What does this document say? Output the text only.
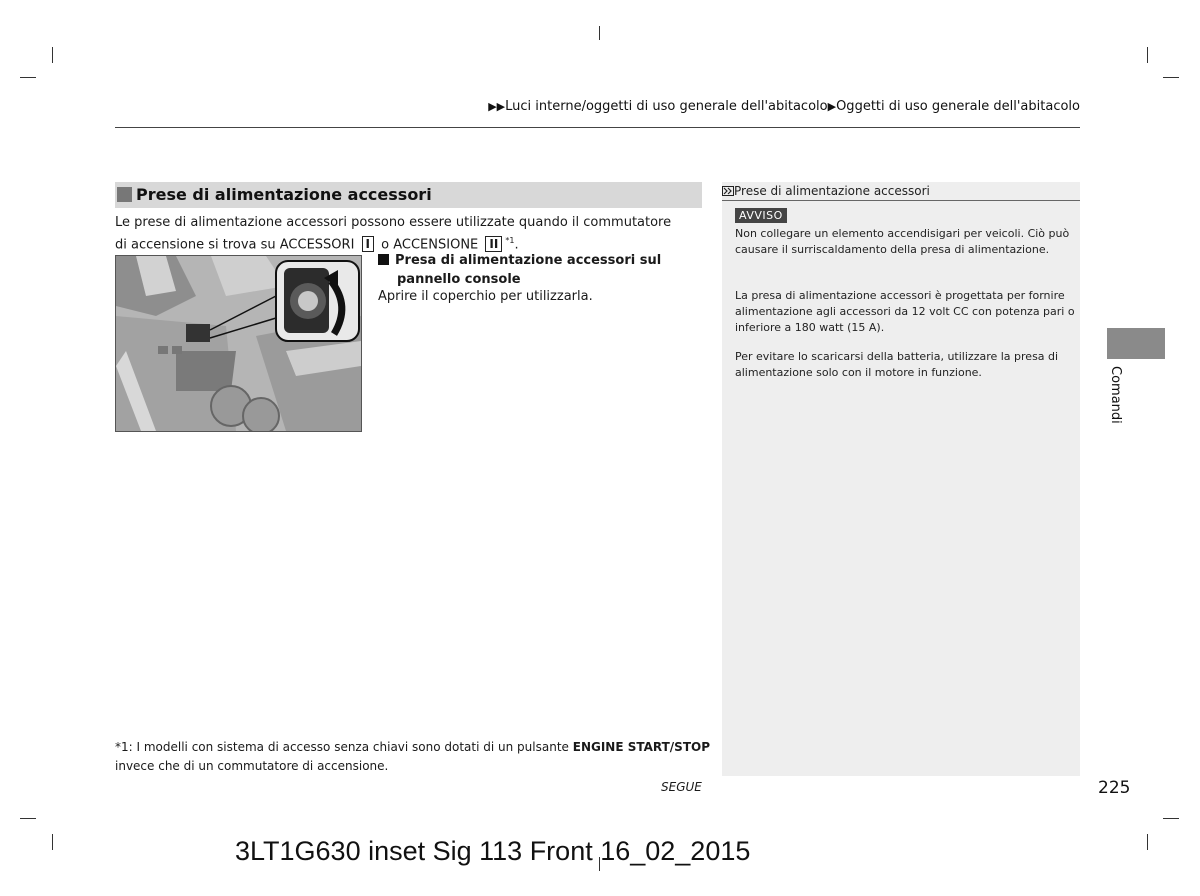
▶▶Luci interne/oggetti di uso generale dell'abitacolo▶Oggetti di uso generale dell'abitacolo
Prese di alimentazione accessori
Le prese di alimentazione accessori possono essere utilizzate quando il commutatore di accensione si trova su ACCESSORI I o ACCENSIONE II $^{*1}$.
Presa di alimentazione accessori sul
pannello console
Aprire il coperchio per utilizzarla.
*1: I modelli con sistema di accesso senza chiavi sono dotati di un pulsante ENGINE START/STOP
invece che di un commutatore di accensione.
SEGUE
Prese di alimentazione accessori
AVVISO
Non collegare un elemento accendisigari per veicoli. Ciò può causare il surriscaldamento della presa di alimentazione.
La presa di alimentazione accessori è progettata per fornire alimentazione agli accessori da 12 volt CC con potenza pari o inferiore a 180 watt (15 A).
Per evitare lo scaricarsi della batteria, utilizzare la presa di alimentazione solo con il motore in funzione.	Comandi
225
3LT1G630 inset Sig 113 Front 16_02_2015
